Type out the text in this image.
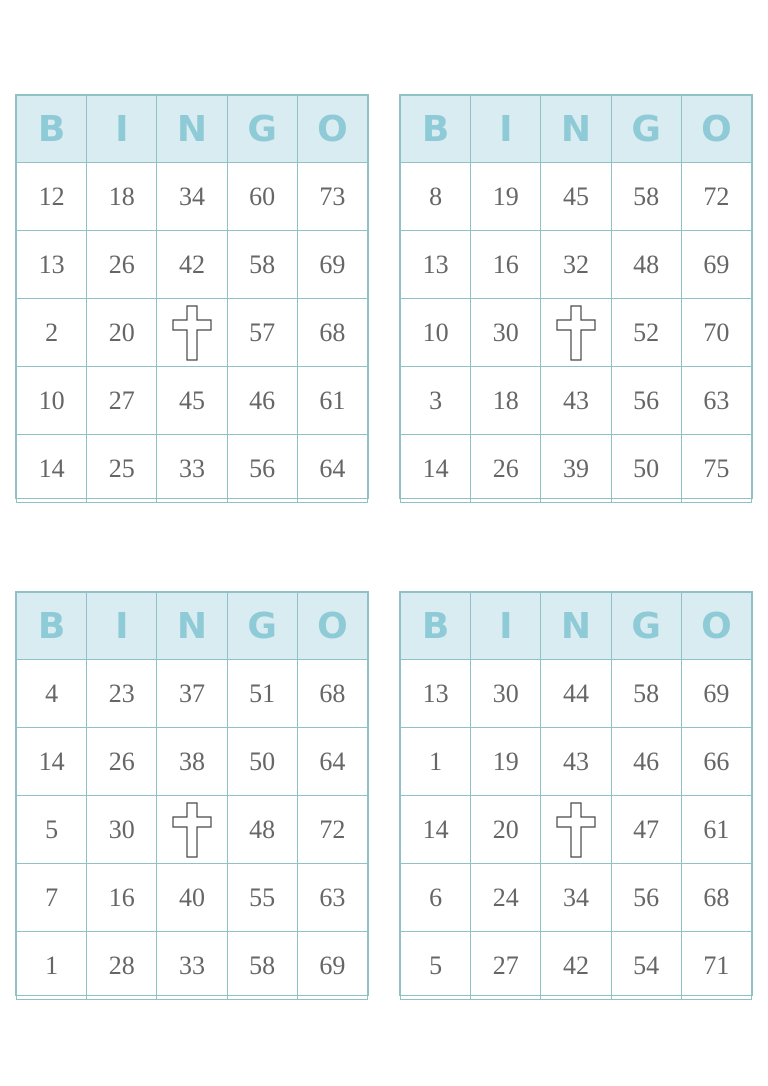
B	I	N	G	O
12	18	34	60	73
13	26	42	58	69
2	20		57	68
10	27	45	46	61
14	25	33	56	64
B	I	N	G	O
8	19	45	58	72
13	16	32	48	69
10	30		52	70
3	18	43	56	63
14	26	39	50	75
B	I	N	G	O
4	23	37	51	68
14	26	38	50	64
5	30		48	72
7	16	40	55	63
1	28	33	58	69
B	I	N	G	O
13	30	44	58	69
1	19	43	46	66
14	20		47	61
6	24	34	56	68
5	27	42	54	71
